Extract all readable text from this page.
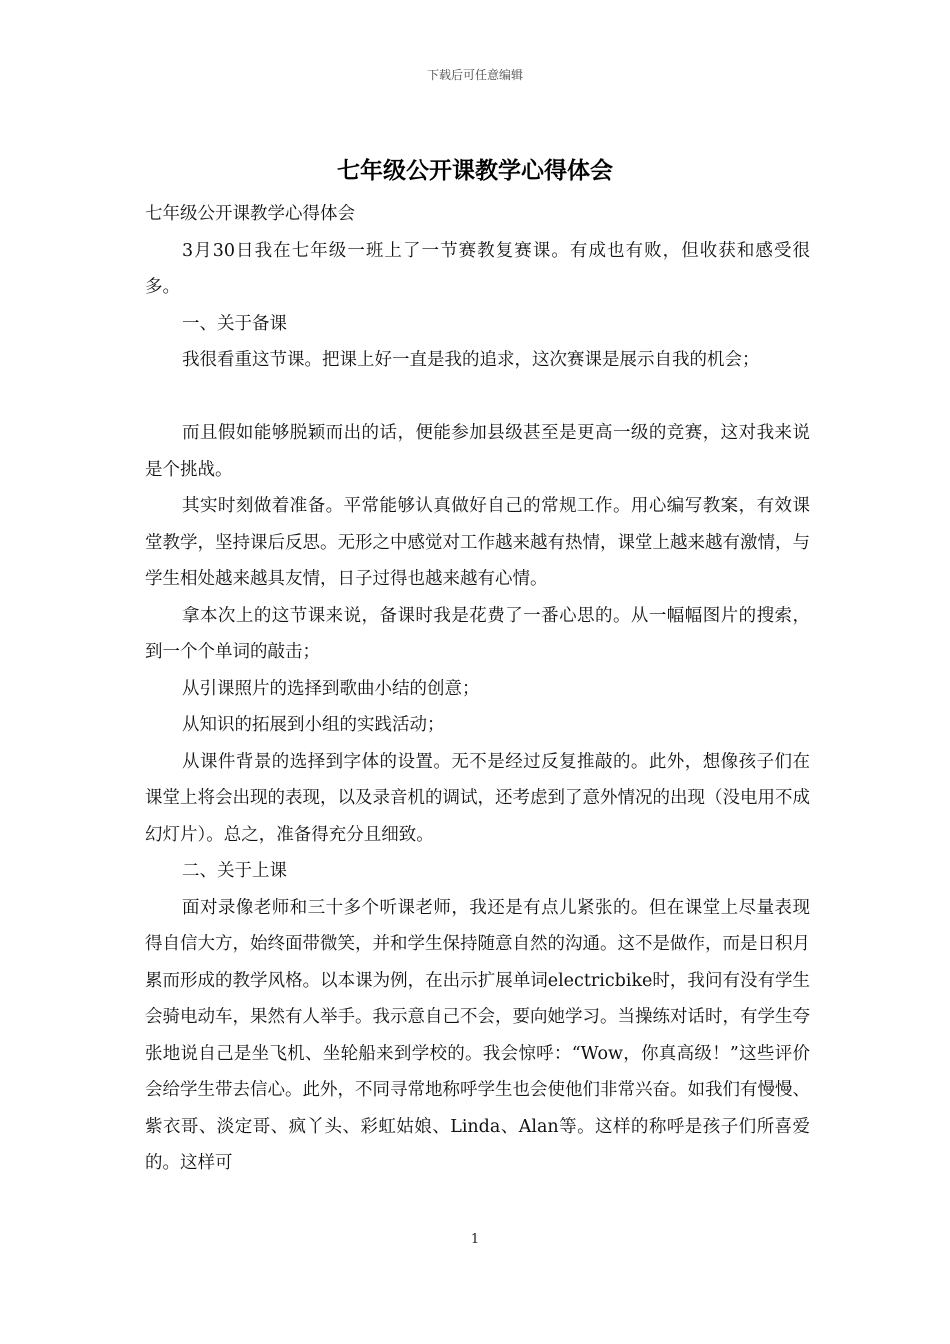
下载后可任意编辑
七年级公开课教学心得体会

七年级公开课教学心得体会

3月30日我在七年级一班上了一节赛教复赛课。有成也有败，但收获和感受很多。

一、关于备课

我很看重这节课。把课上好一直是我的追求，这次赛课是展示自我的机会；

而且假如能够脱颖而出的话，便能参加县级甚至是更高一级的竞赛，这对我来说是个挑战。

其实时刻做着准备。平常能够认真做好自己的常规工作。用心编写教案，有效课堂教学，坚持课后反思。无形之中感觉对工作越来越有热情，课堂上越来越有激情，与学生相处越来越具友情，日子过得也越来越有心情。

拿本次上的这节课来说，备课时我是花费了一番心思的。从一幅幅图片的搜索，到一个个单词的敲击；

从引课照片的选择到歌曲小结的创意；

从知识的拓展到小组的实践活动；

从课件背景的选择到字体的设置。无不是经过反复推敲的。此外，想像孩子们在课堂上将会出现的表现，以及录音机的调试，还考虑到了意外情况的出现（没电用不成幻灯片）。总之，准备得充分且细致。

二、关于上课

面对录像老师和三十多个听课老师，我还是有点儿紧张的。但在课堂上尽量表现得自信大方，始终面带微笑，并和学生保持随意自然的沟通。这不是做作，而是日积月累而形成的教学风格。以本课为例，在出示扩展单词electricbike时，我问有没有学生会骑电动车，果然有人举手。我示意自己不会，要向她学习。当操练对话时，有学生夸张地说自己是坐飞机、坐轮船来到学校的。我会惊呼：“Wow，你真高级！”这些评价会给学生带去信心。此外，不同寻常地称呼学生也会使他们非常兴奋。如我们有慢慢、紫衣哥、淡定哥、疯丫头、彩虹姑娘、Linda、Alan等。这样的称呼是孩子们所喜爱的。这样可

1
